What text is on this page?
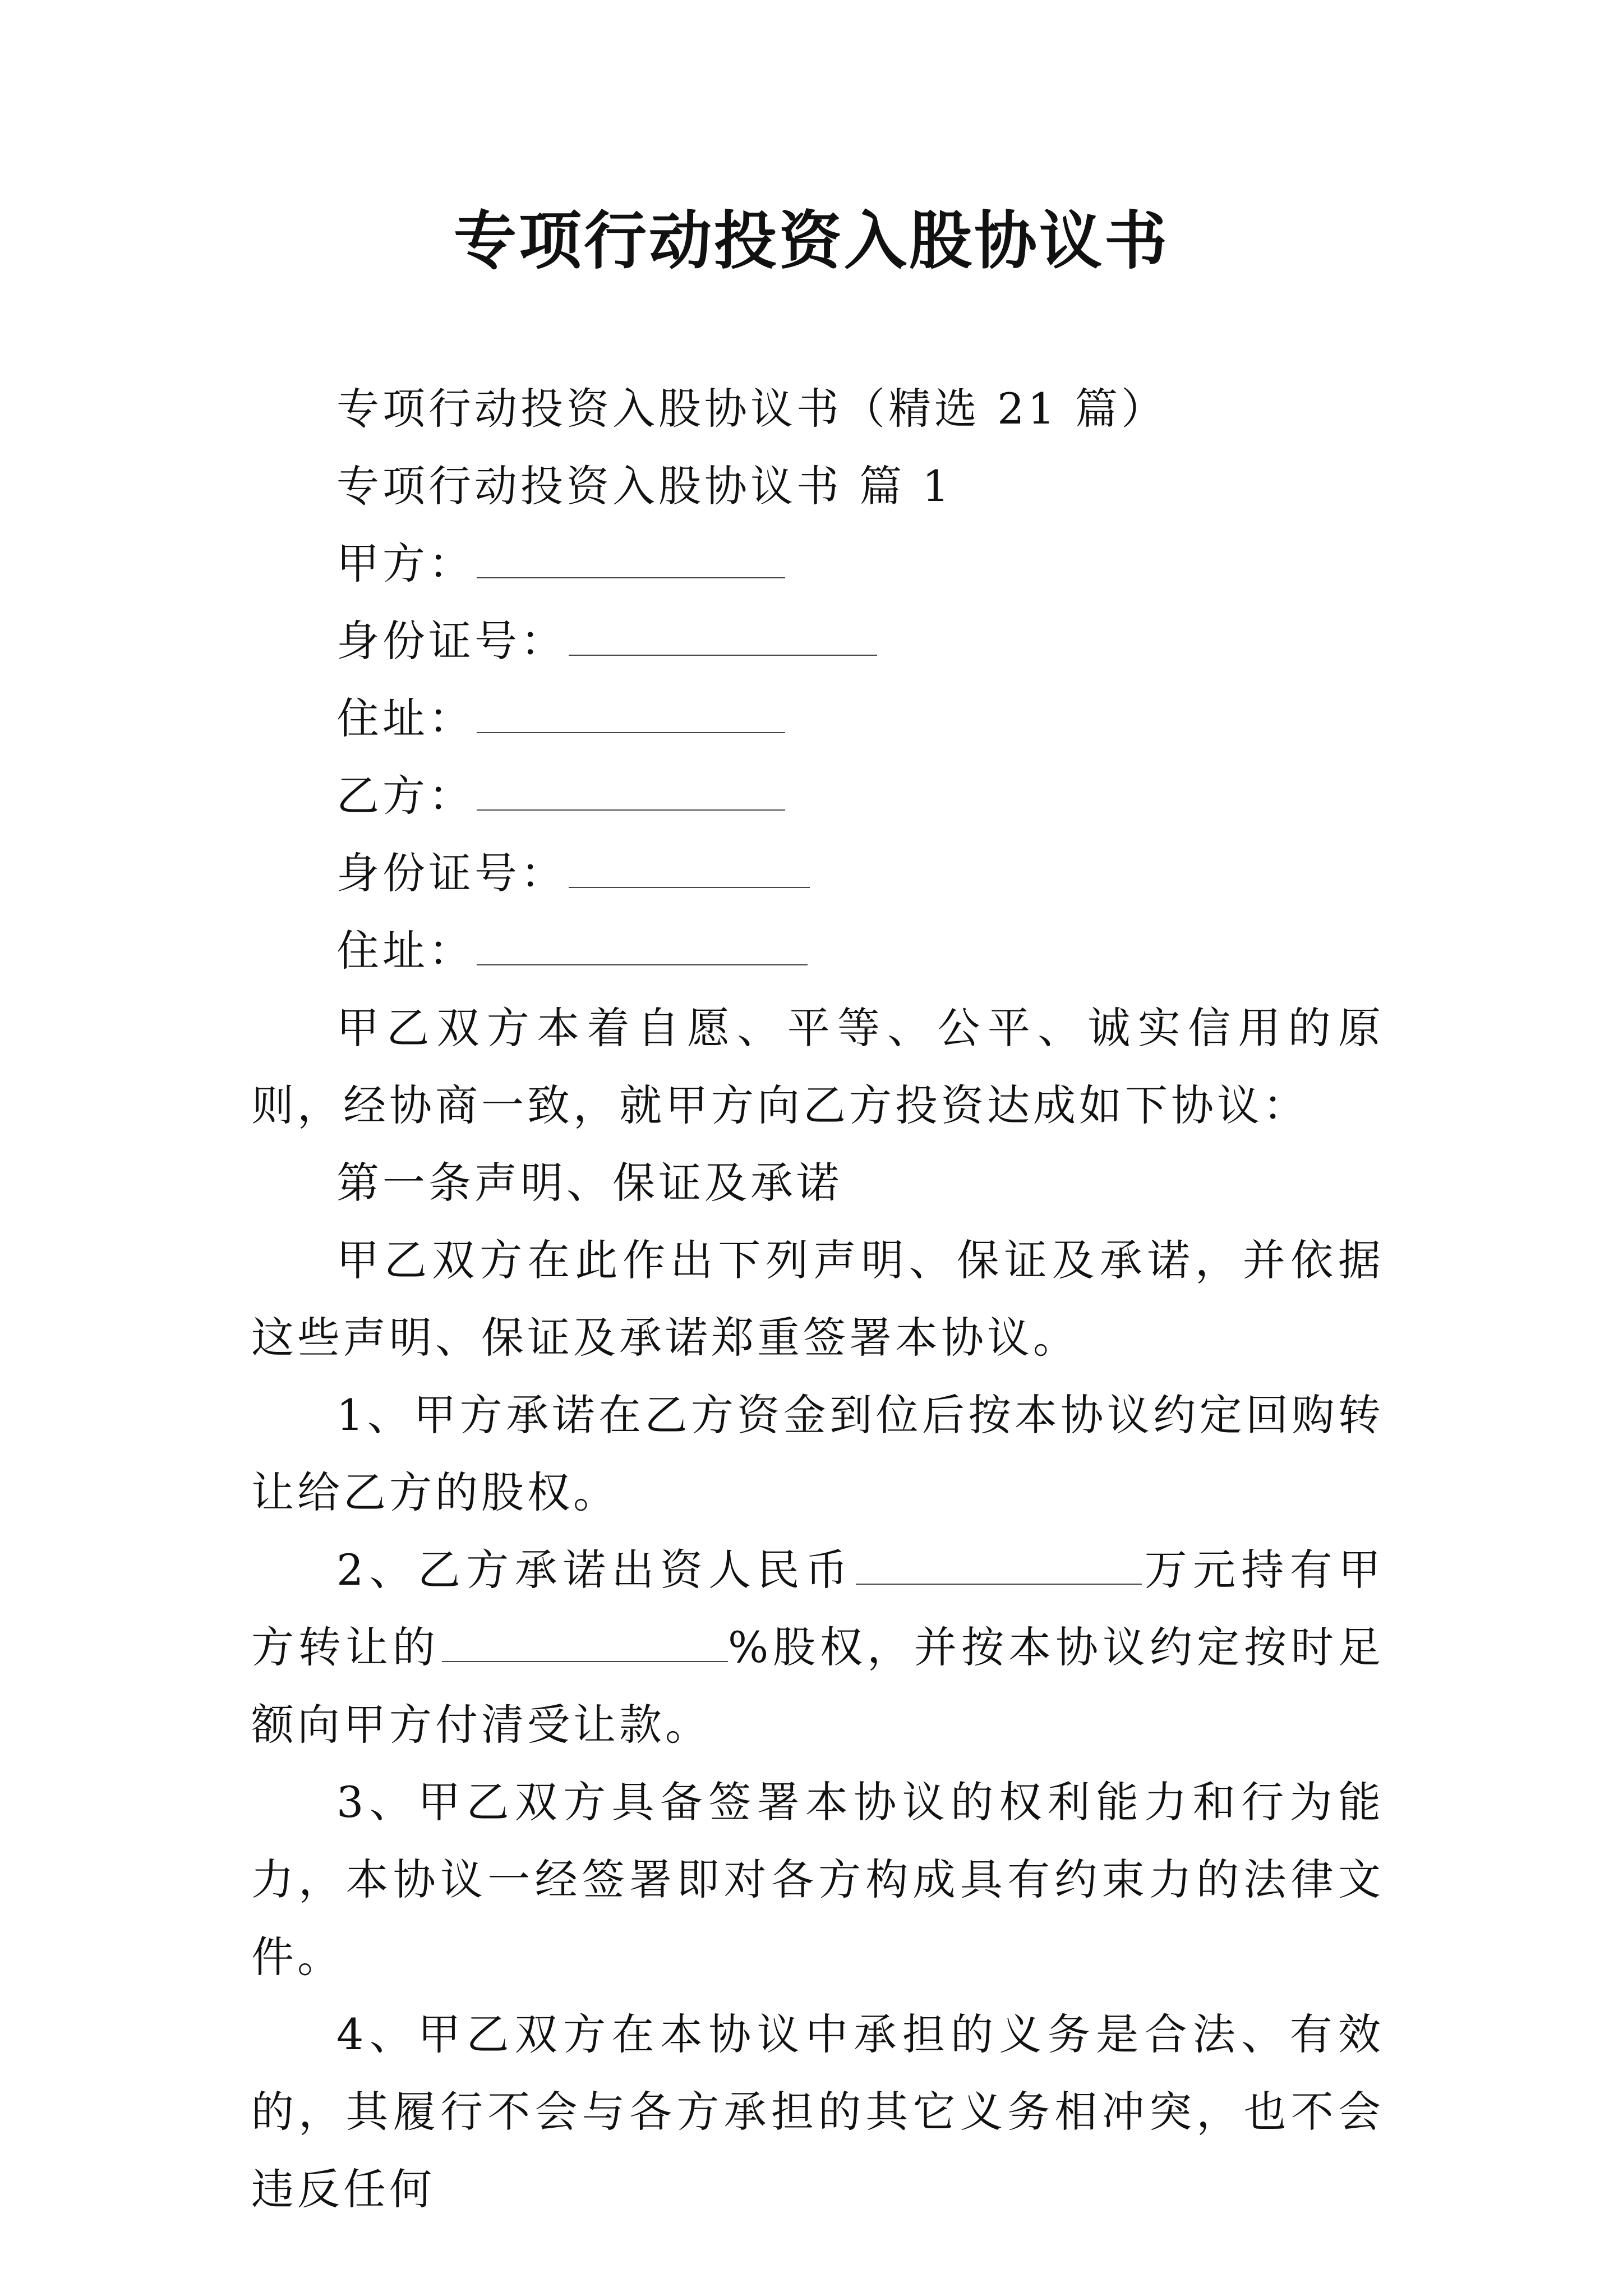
专项行动投资入股协议书

专项行动投资入股协议书（精选 21 篇）

专项行动投资入股协议书 篇 1

甲方：

身份证号：

住址：

乙方：

身份证号：

住址：

甲乙双方本着自愿、平等、公平、诚实信用的原则，经协商一致，就甲方向乙方投资达成如下协议：

第一条声明、保证及承诺

甲乙双方在此作出下列声明、保证及承诺，并依据这些声明、保证及承诺郑重签署本协议。

1、甲方承诺在乙方资金到位后按本协议约定回购转让给乙方的股权。

2、乙方承诺出资人民币	万元持有甲方转让的	%股权，并按本协议约定按时足额向甲方付清受让款。

3、甲乙双方具备签署本协议的权利能力和行为能力，本协议一经签署即对各方构成具有约束力的法律文件。

4、甲乙双方在本协议中承担的义务是合法、有效的，其履行不会与各方承担的其它义务相冲突，也不会违反任何
